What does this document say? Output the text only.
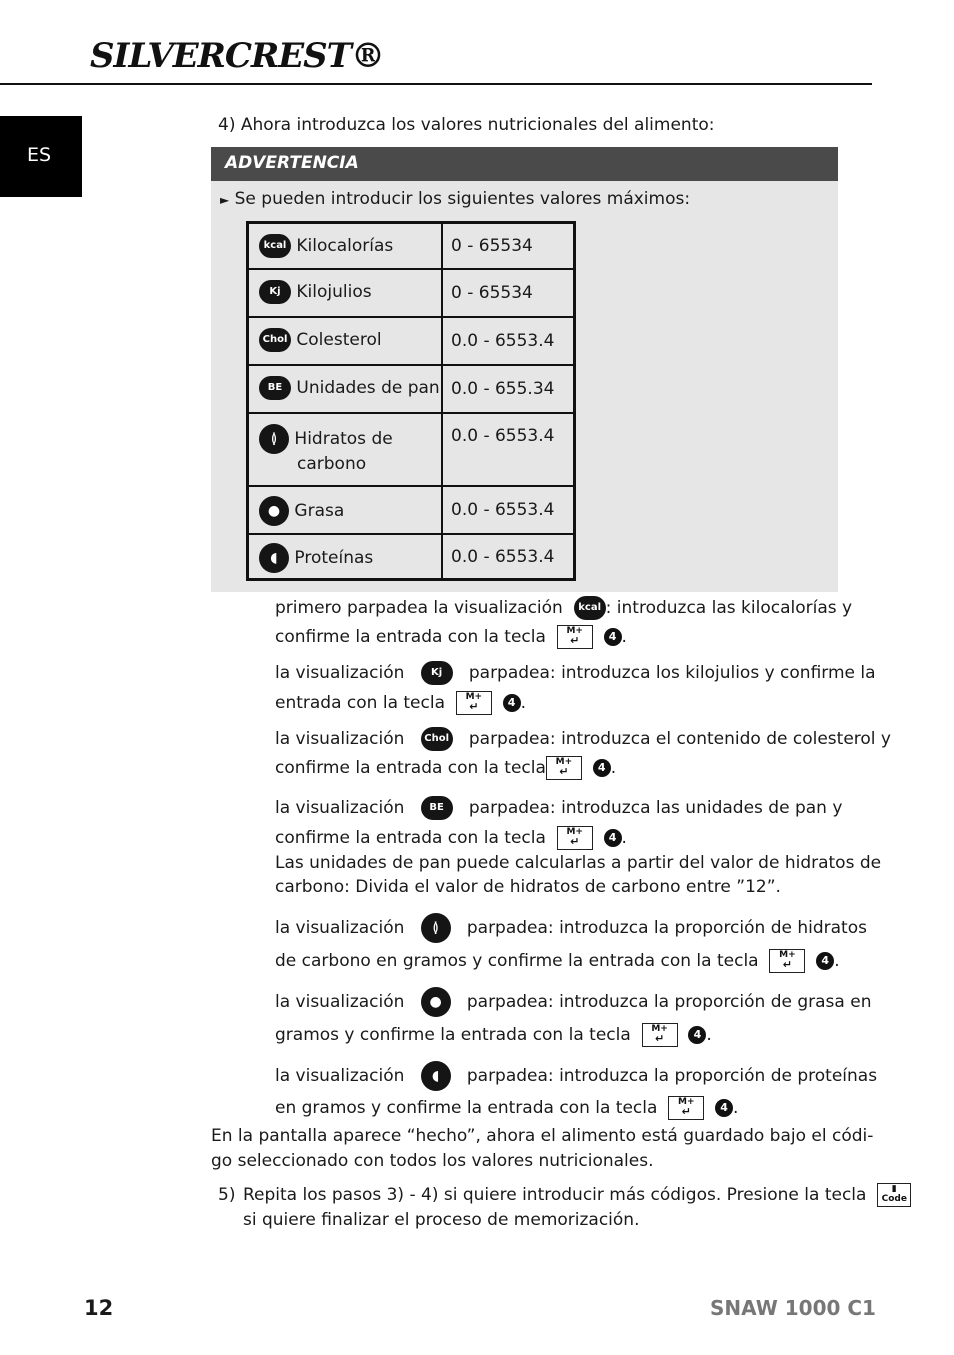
SILVERCREST®
ES
4) Ahora introduzca los valores nutricionales del alimento:
ADVERTENCIA
► Se pueden introducir los siguientes valores máximos:
kcal Kilocalorías	0 - 65534

Kj Kilojulios	0 - 65534

Chol Colesterol	0.0 - 6553.4

BE Unidades de pan	0.0 - 655.34

≬ Hidratos de
carbono	0.0 - 6553.4

● Grasa	0.0 - 6553.4

◖ Proteínas	0.0 - 6553.4
primero parpadea la visualización kcal : introduzca las kilocalorías y
confirme la entrada con la tecla M+
↵	4 .
la visualización	Kj parpadea: introduzca los kilojulios y confirme la
entrada con la tecla M+
↵	4 .
la visualización Chol parpadea: introduzca el contenido de colesterol y
confirme la entrada con la tecla M+
↵	4 .
la visualización BE parpadea: introduzca las unidades de pan y
confirme la entrada con la tecla M+
↵	4 .
Las unidades de pan puede calcularlas a partir del valor de hidratos de
carbono: Divida el valor de hidratos de carbono entre ”12”.
la visualización ≬ parpadea: introduzca la proporción de hidratos
de carbono en gramos y confirme la entrada con la tecla M+
↵	4 .
la visualización ● parpadea: introduzca la proporción de grasa en
gramos y confirme la entrada con la tecla M+
↵	4 .
la visualización ◖ parpadea: introduzca la proporción de proteínas
en gramos y confirme la entrada con la tecla M+
↵	4 .
En la pantalla aparece “hecho”, ahora el alimento está guardado bajo el códi-
go seleccionado con todos los valores nutricionales.
5) Repita los pasos 3) - 4) si quiere introducir más códigos. Presione la tecla	▮
Code
si quiere finalizar el proceso de memorización.
12	SNAW 1000 C1
